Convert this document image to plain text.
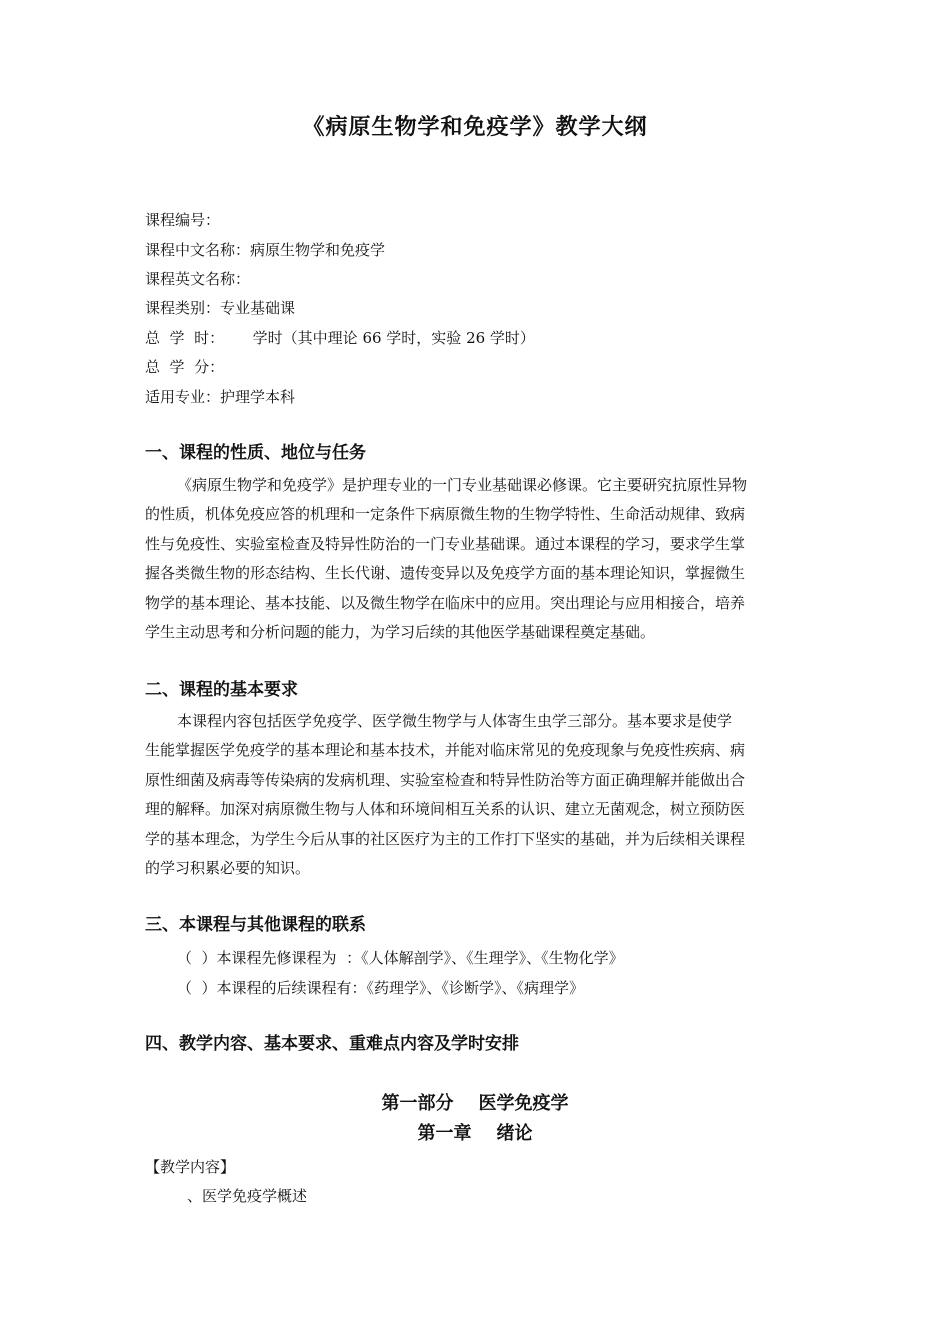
《病原生物学和免疫学》教学大纲

课程编号：

课程中文名称：病原生物学和免疫学

课程英文名称：

课程类别：专业基础课

总  学  时：      学时（其中理论 66 学时，实验 26 学时）

总  学  分：

适用专业：护理学本科

一、课程的性质、地位与任务
《病原生物学和免疫学》是护理专业的一门专业基础课必修课。它主要研究抗原性异物
的性质，机体免疫应答的机理和一定条件下病原微生物的生物学特性、生命活动规律、致病
性与免疫性、实验室检查及特异性防治的一门专业基础课。通过本课程的学习，要求学生掌
握各类微生物的形态结构、生长代谢、遗传变异以及免疫学方面的基本理论知识，掌握微生
物学的基本理论、基本技能、以及微生物学在临床中的应用。突出理论与应用相接合，培养
学生主动思考和分析问题的能力，为学习后续的其他医学基础课程奠定基础。
二、课程的基本要求
本课程内容包括医学免疫学、医学微生物学与人体寄生虫学三部分。基本要求是使学
生能掌握医学免疫学的基本理论和基本技术，并能对临床常见的免疫现象与免疫性疾病、病
原性细菌及病毒等传染病的发病机理、实验室检查和特异性防治等方面正确理解并能做出合
理的解释。加深对病原微生物与人体和环境间相互关系的认识、建立无菌观念，树立预防医
学的基本理念，为学生今后从事的社区医疗为主的工作打下坚实的基础，并为后续相关课程
的学习积累必要的知识。
三、本课程与其他课程的联系

（  ）本课程先修课程为  ：《人体解剖学》、《生理学》、《生物化学》

（  ）本课程的后续课程有：《药理学》、《诊断学》、《病理学》

四、教学内容、基本要求、重难点内容及学时安排
第一部分    医学免疫学
第一章    绪论

【教学内容】

、医学免疫学概述
